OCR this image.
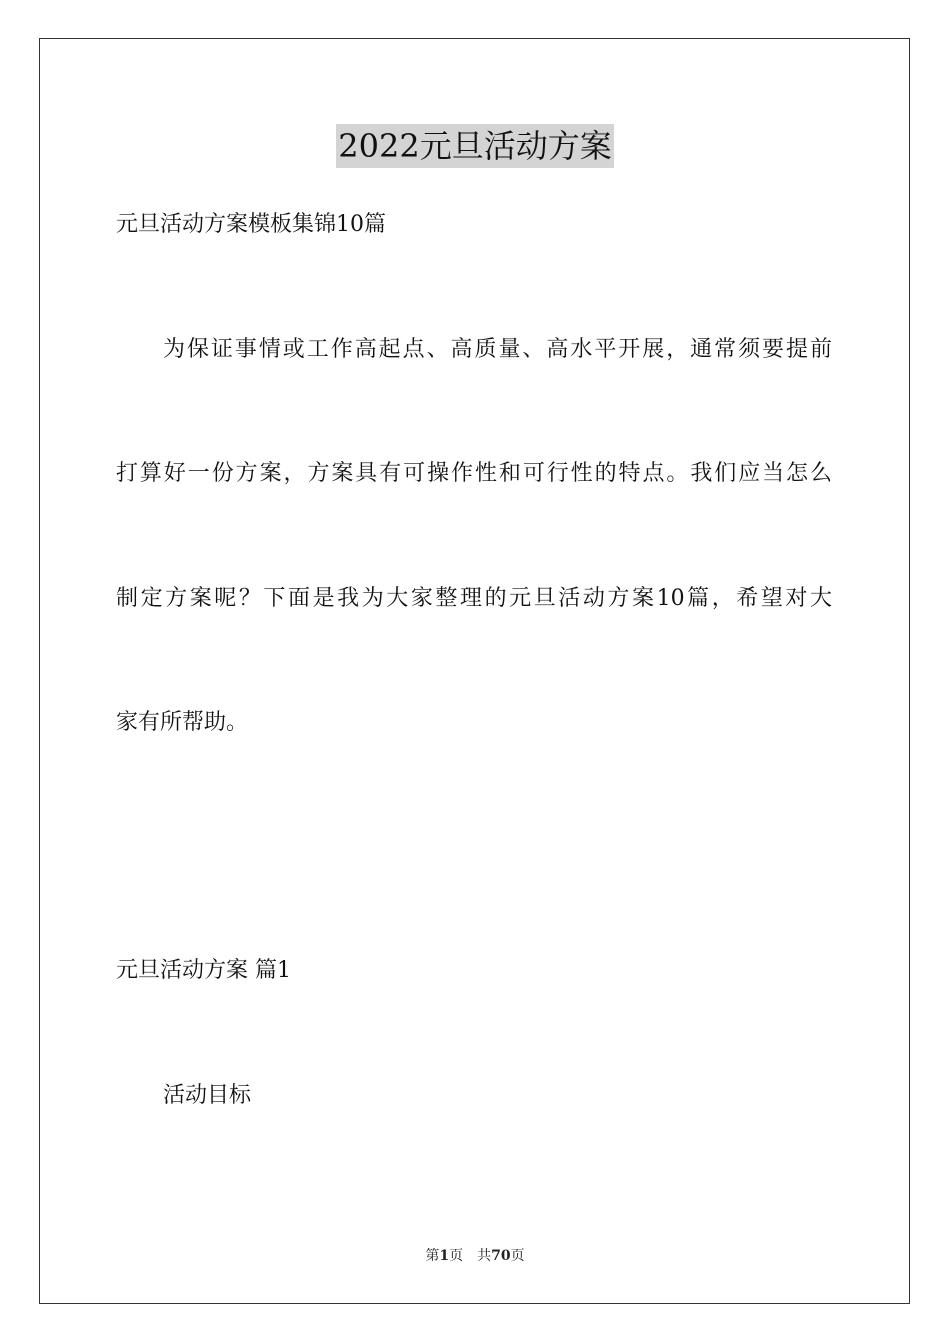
2022元旦活动方案
元旦活动方案模板集锦10篇
为保证事情或工作高起点、高质量、高水平开展，通常须要提前
打算好一份方案，方案具有可操作性和可行性的特点。我们应当怎么
制定方案呢？下面是我为大家整理的元旦活动方案10篇，希望对大
家有所帮助。
元旦活动方案 篇1
活动目标
第1页 共70页
